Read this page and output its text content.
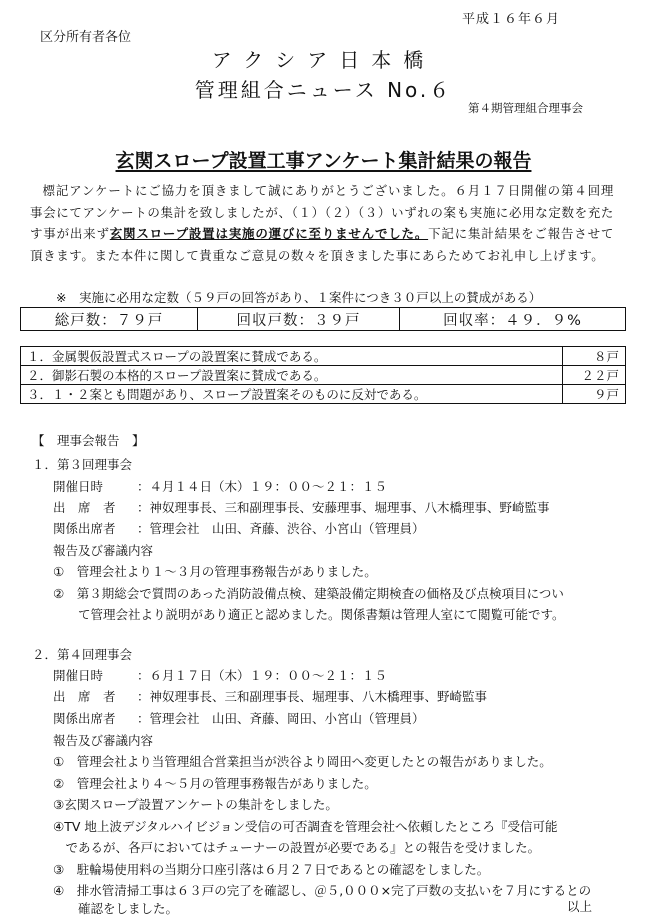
平成１６年６月
区分所有者各位
アクシア日本橋
管理組合ニュース No.６
第４期管理組合理事会
玄関スロープ設置工事アンケート集計結果の報告
標記アンケートにご協力を頂きまして誠にありがとうございました。６月１７日開催の第４回理事会にてアンケートの集計を致しましたが、（１）（２）（３）いずれの案も実施に必用な定数を充たす事が出来ず玄関スロープ設置は実施の運びに至りませんでした。下記に集計結果をご報告させて頂きます。また本件に関して貴重なご意見の数々を頂きました事にあらためてお礼申し上げます。
※　実施に必用な定数（５９戸の回答があり、１案件につき３０戸以上の賛成がある）
総戸数：７９戸	回収戸数：３９戸	回収率：４９．９%
１．金属製仮設置式スロープの設置案に賛成である。	８戸
２．御影石製の本格的スロープ設置案に賛成である。	２２戸
３．１・２案とも問題があり、スロープ設置案そのものに反対である。	９戸
【　理事会報告　】
１．第３回理事会
開催日時	：４月１４日（木）１９：００～２１：１５
出　席　者 ：神奴理事長、三和副理事長、安藤理事、堀理事、八木橋理事、野崎監事
関係出席者 ：管理会社　山田、斉藤、渋谷、小宮山（管理員）
報告及び審議内容
①　管理会社より１～３月の管理事務報告がありました。
②　第３期総会で質問のあった消防設備点検、建築設備定期検査の価格及び点検項目につい
　　て管理会社より説明があり適正と認めました。関係書類は管理人室にて閲覧可能です。
２．第４回理事会
開催日時	：６月１７日（木）１９：００～２１：１５
出　席　者 ：神奴理事長、三和副理事長、堀理事、八木橋理事、野崎監事
関係出席者 ：管理会社　山田、斉藤、岡田、小宮山（管理員）
報告及び審議内容
①　管理会社より当管理組合営業担当が渋谷より岡田へ変更したとの報告がありました。
②　管理会社より４～５月の管理事務報告がありました。
③玄関スロープ設置アンケートの集計をしました。
④TV 地上波デジタルハイビジョン受信の可否調査を管理会社へ依頼したところ『受信可能
　であるが、各戸においてはチューナーの設置が必要である』との報告を受けました。
③　駐輪場使用料の当期分口座引落は６月２７日であるとの確認をしました。
④　排水管清掃工事は６３戸の完了を確認し、＠５,０００×完了戸数の支払いを７月にするとの
　　確認をしました。	以上
